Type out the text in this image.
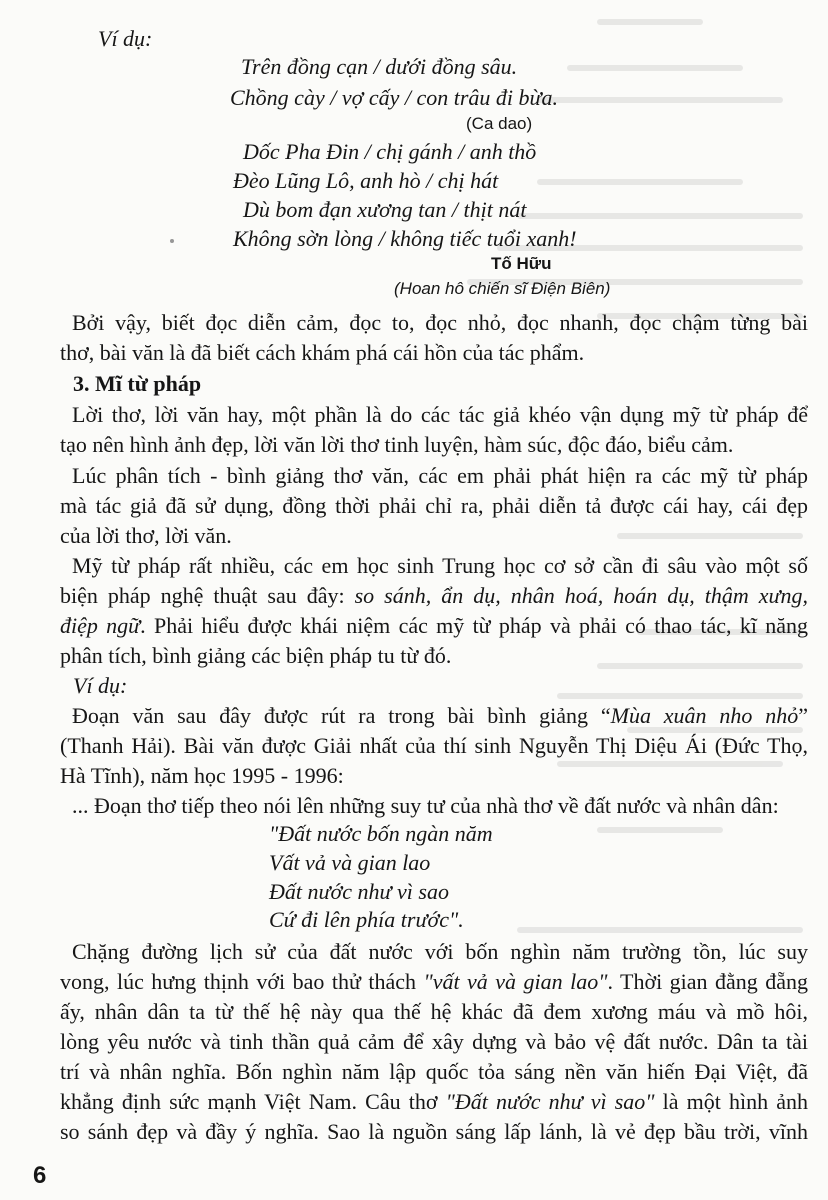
Ví dụ:
Trên đồng cạn / dưới đồng sâu.
Chồng cày / vợ cấy / con trâu đi bừa.
(Ca dao)
Dốc Pha Đin / chị gánh / anh thồ
Đèo Lũng Lô, anh hò / chị hát
Dù bom đạn xương tan / thịt nát
Không sờn lòng / không tiếc tuổi xanh!
Tố Hữu
(Hoan hô chiến sĩ Điện Biên)
Bởi vậy, biết đọc diễn cảm, đọc to, đọc nhỏ, đọc nhanh, đọc chậm từng bài
thơ, bài văn là đã biết cách khám phá cái hồn của tác phẩm.
3. Mĩ từ pháp
Lời thơ, lời văn hay, một phần là do các tác giả khéo vận dụng mỹ từ pháp để
tạo nên hình ảnh đẹp, lời văn lời thơ tinh luyện, hàm súc, độc đáo, biểu cảm.
Lúc phân tích - bình giảng thơ văn, các em phải phát hiện ra các mỹ từ pháp
mà tác giả đã sử dụng, đồng thời phải chỉ ra, phải diễn tả được cái hay, cái đẹp
của lời thơ, lời văn.
Mỹ từ pháp rất nhiều, các em học sinh Trung học cơ sở cần đi sâu vào một số
biện pháp nghệ thuật sau đây: so sánh, ẩn dụ, nhân hoá, hoán dụ, thậm xưng,
điệp ngữ. Phải hiểu được khái niệm các mỹ từ pháp và phải có thao tác, kĩ năng
phân tích, bình giảng các biện pháp tu từ đó.
Ví dụ:
Đoạn văn sau đây được rút ra trong bài bình giảng “Mùa xuân nho nhỏ”
(Thanh Hải). Bài văn được Giải nhất của thí sinh Nguyễn Thị Diệu Ái (Đức Thọ,
Hà Tĩnh), năm học 1995 - 1996:
... Đoạn thơ tiếp theo nói lên những suy tư của nhà thơ về đất nước và nhân dân:
"Đất nước bốn ngàn năm
Vất vả và gian lao
Đất nước như vì sao
Cứ đi lên phía trước".
Chặng đường lịch sử của đất nước với bốn nghìn năm trường tồn, lúc suy
vong, lúc hưng thịnh với bao thử thách "vất vả và gian lao". Thời gian đằng đẵng
ấy, nhân dân ta từ thế hệ này qua thế hệ khác đã đem xương máu và mồ hôi,
lòng yêu nước và tinh thần quả cảm để xây dựng và bảo vệ đất nước. Dân ta tài
trí và nhân nghĩa. Bốn nghìn năm lập quốc tỏa sáng nền văn hiến Đại Việt, đã
khẳng định sức mạnh Việt Nam. Câu thơ "Đất nước như vì sao" là một hình ảnh
so sánh đẹp và đầy ý nghĩa. Sao là nguồn sáng lấp lánh, là vẻ đẹp bầu trời, vĩnh
6
